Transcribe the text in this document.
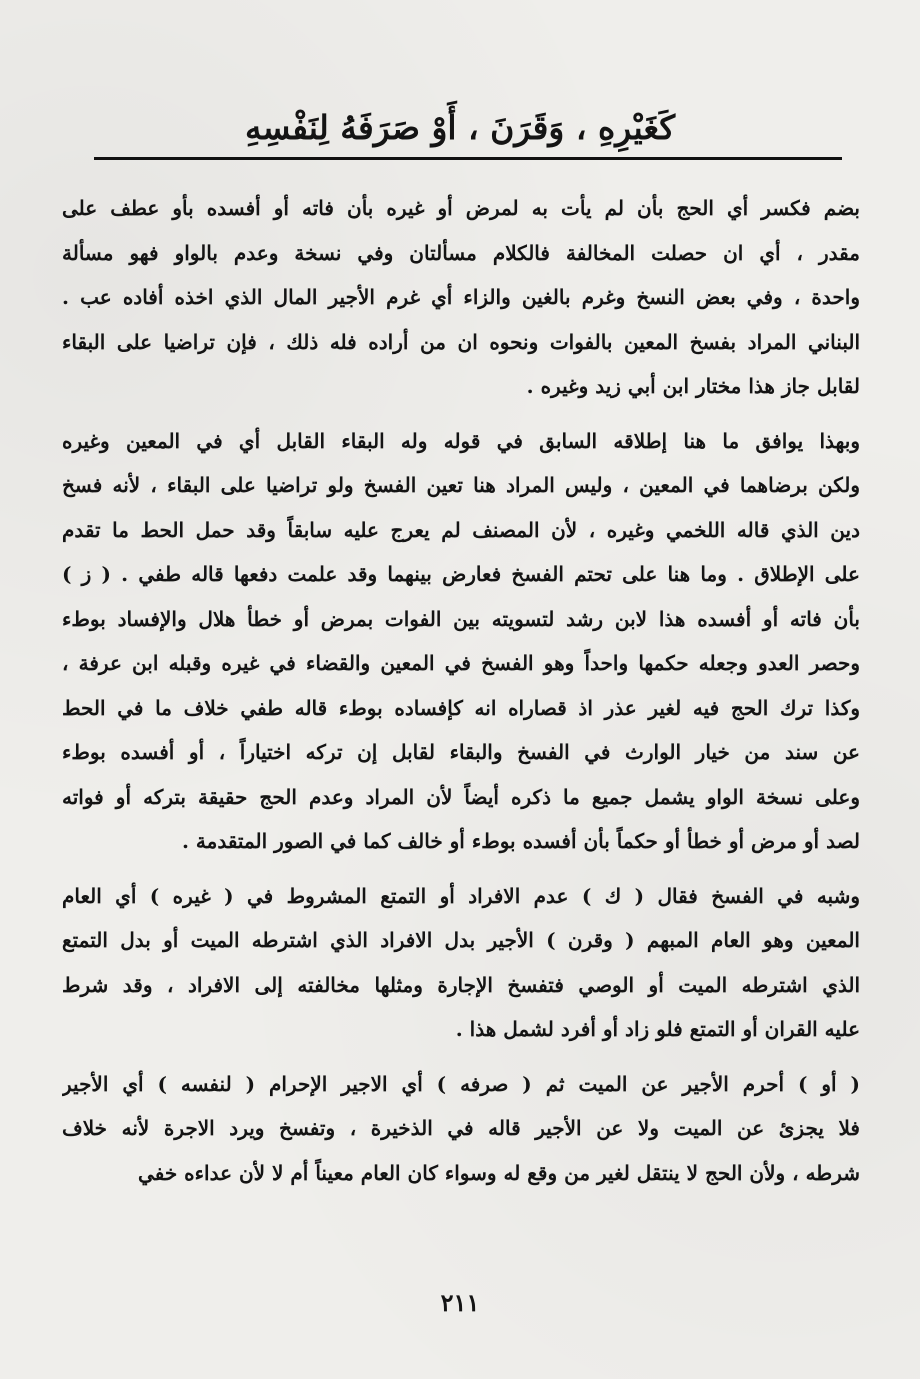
كَغَيْرِهِ ، وَقَرَنَ ، أَوْ صَرَفَهُ لِنَفْسِهِ
بضم فكسر أي الحج بأن لم يأت به لمرض أو غيره بأن فاته أو أفسده بأو عطف على
مقدر ، أي ان حصلت المخالفة فالكلام مسألتان وفي نسخة وعدم بالواو فهو مسألة
واحدة ، وفي بعض النسخ وغرم بالغين والزاء أي غرم الأجير المال الذي اخذه أفاده عب .
البناني المراد بفسخ المعين بالفوات ونحوه ان من أراده فله ذلك ، فإن تراضيا على البقاء
لقابل جاز هذا مختار ابن أبي زيد وغيره .
وبهذا يوافق ما هنا إطلاقه السابق في قوله وله البقاء القابل أي في المعين وغيره
ولكن برضاهما في المعين ، وليس المراد هنا تعين الفسخ ولو تراضيا على البقاء ، لأنه فسخ
دين الذي قاله اللخمي وغيره ، لأن المصنف لم يعرج عليه سابقاً وقد حمل الحط ما تقدم
على الإطلاق . وما هنا على تحتم الفسخ فعارض بينهما وقد علمت دفعها قاله طفي . ( ز )
بأن فاته أو أفسده هذا لابن رشد لتسويته بين الفوات بمرض أو خطأ هلال والإفساد بوطء
وحصر العدو وجعله حكمها واحداً وهو الفسخ في المعين والقضاء في غيره وقبله ابن عرفة ،
وكذا ترك الحج فيه لغير عذر اذ قصاراه انه كإفساده بوطء قاله طفي خلاف ما في الحط
عن سند من خيار الوارث في الفسخ والبقاء لقابل إن تركه اختياراً ، أو أفسده بوطء
وعلى نسخة الواو يشمل جميع ما ذكره أيضاً لأن المراد وعدم الحج حقيقة بتركه أو فواته
لصد أو مرض أو خطأ أو حكماً بأن أفسده بوطء أو خالف كما في الصور المتقدمة .
وشبه في الفسخ فقال ( ك ) عدم الافراد أو التمتع المشروط في ( غيره ) أي العام
المعين وهو العام المبهم ( وقرن ) الأجير بدل الافراد الذي اشترطه الميت أو بدل التمتع
الذي اشترطه الميت أو الوصي فتفسخ الإجارة ومثلها مخالفته إلى الافراد ، وقد شرط
عليه القران أو التمتع فلو زاد أو أفرد لشمل هذا .
( أو ) أحرم الأجير عن الميت ثم ( صرفه ) أي الاجير الإحرام ( لنفسه ) أي الأجير
فلا يجزئ عن الميت ولا عن الأجير قاله في الذخيرة ، وتفسخ ويرد الاجرة لأنه خلاف
شرطه ، ولأن الحج لا ينتقل لغير من وقع له وسواء كان العام معيناً أم لا لأن عداءه خفي
٢١١
